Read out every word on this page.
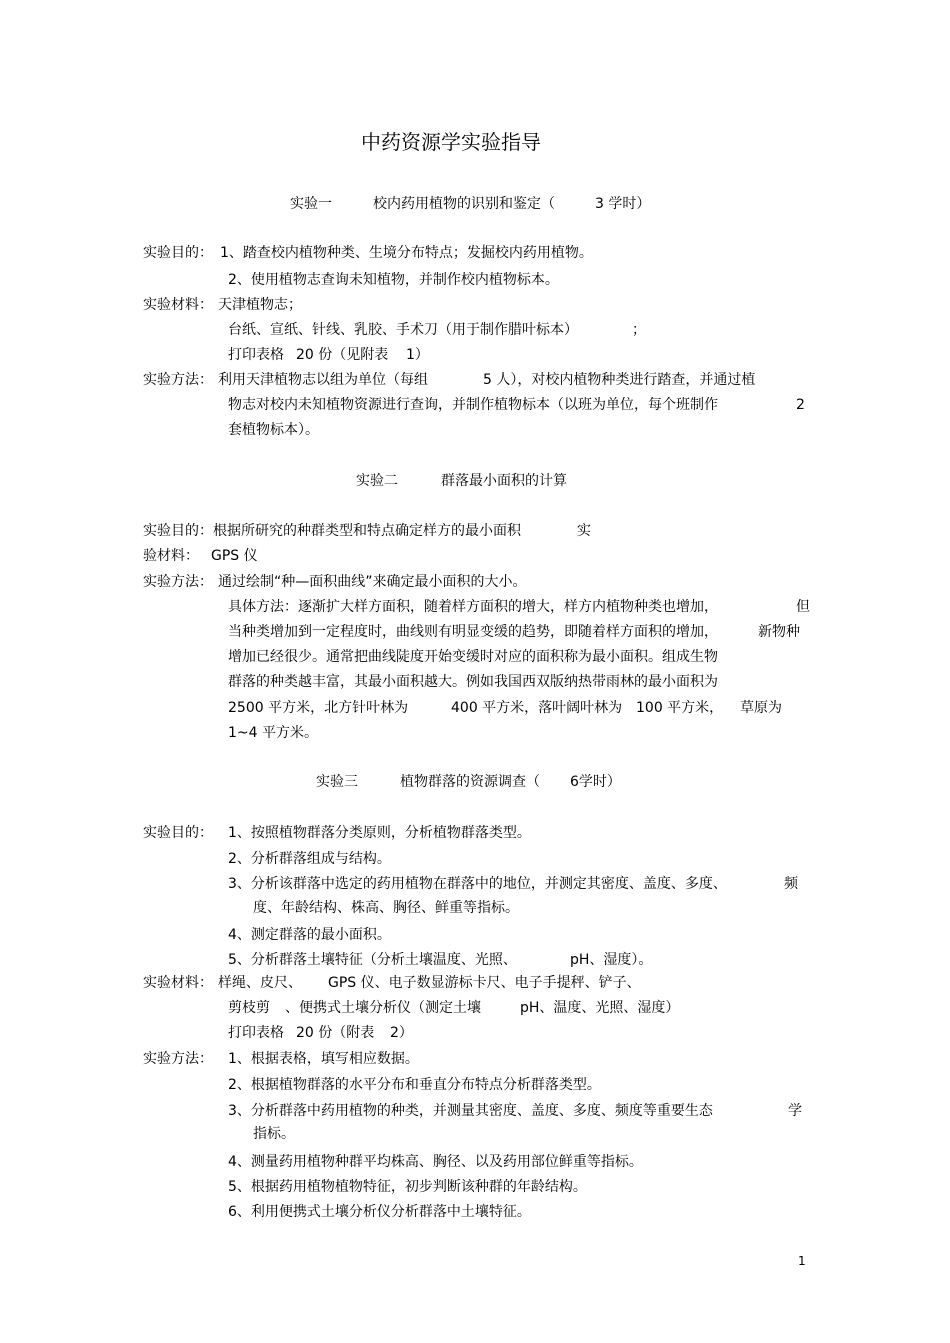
中药资源学实验指导
实验一	校内药用植物的识别和鉴定（	3 学时）
实验目的： 1、踏查校内植物种类、生境分布特点；发掘校内药用植物。
2、使用植物志查询未知植物，并制作校内植物标本。
实验材料： 天津植物志；
台纸、宣纸、针线、乳胶、手术刀（用于制作腊叶标本）	；
打印表格 20 份（见附表 1）
实验方法： 利用天津植物志以组为单位（每组	5 人），对校内植物种类进行踏查，并通过植
物志对校内未知植物资源进行查询，并制作植物标本（以班为单位，每个班制作	2
套植物标本）。
实验二	群落最小面积的计算
实验目的：根据所研究的种群类型和特点确定样方的最小面积	实
验材料： GPS 仪
实验方法： 通过绘制“种—面积曲线”来确定最小面积的大小。
具体方法：逐渐扩大样方面积，随着样方面积的增大，样方内植物种类也增加，	但
当种类增加到一定程度时，曲线则有明显变缓的趋势，即随着样方面积的增加，	新物种
增加已经很少。通常把曲线陡度开始变缓时对应的面积称为最小面积。组成生物
群落的种类越丰富，其最小面积越大。例如我国西双版纳热带雨林的最小面积为
2500 平方米，北方针叶林为	400 平方米，落叶阔叶林为 100 平方米， 草原为
1~4 平方米。
实验三	植物群落的资源调查（ 6学时）
实验目的： 1、按照植物群落分类原则，分析植物群落类型。
2、分析群落组成与结构。
3、分析该群落中选定的药用植物在群落中的地位，并测定其密度、盖度、多度、	频
度、年龄结构、株高、胸径、鲜重等指标。
4、测定群落的最小面积。
5、分析群落土壤特征（分析土壤温度、光照、	pH、湿度）。
实验材料： 样绳、皮尺、 GPS 仪、电子数显游标卡尺、电子手提秤、铲子、
剪枝剪 、便携式土壤分析仪（测定土壤	pH、温度、光照、湿度）
打印表格 20 份（附表 2）
实验方法： 1、根据表格，填写相应数据。
2、根据植物群落的水平分布和垂直分布特点分析群落类型。
3、分析群落中药用植物的种类，并测量其密度、盖度、多度、频度等重要生态	学
指标。
4、测量药用植物种群平均株高、胸径、以及药用部位鲜重等指标。
5、根据药用植物植物特征，初步判断该种群的年龄结构。
6、利用便携式土壤分析仪分析群落中土壤特征。
1
